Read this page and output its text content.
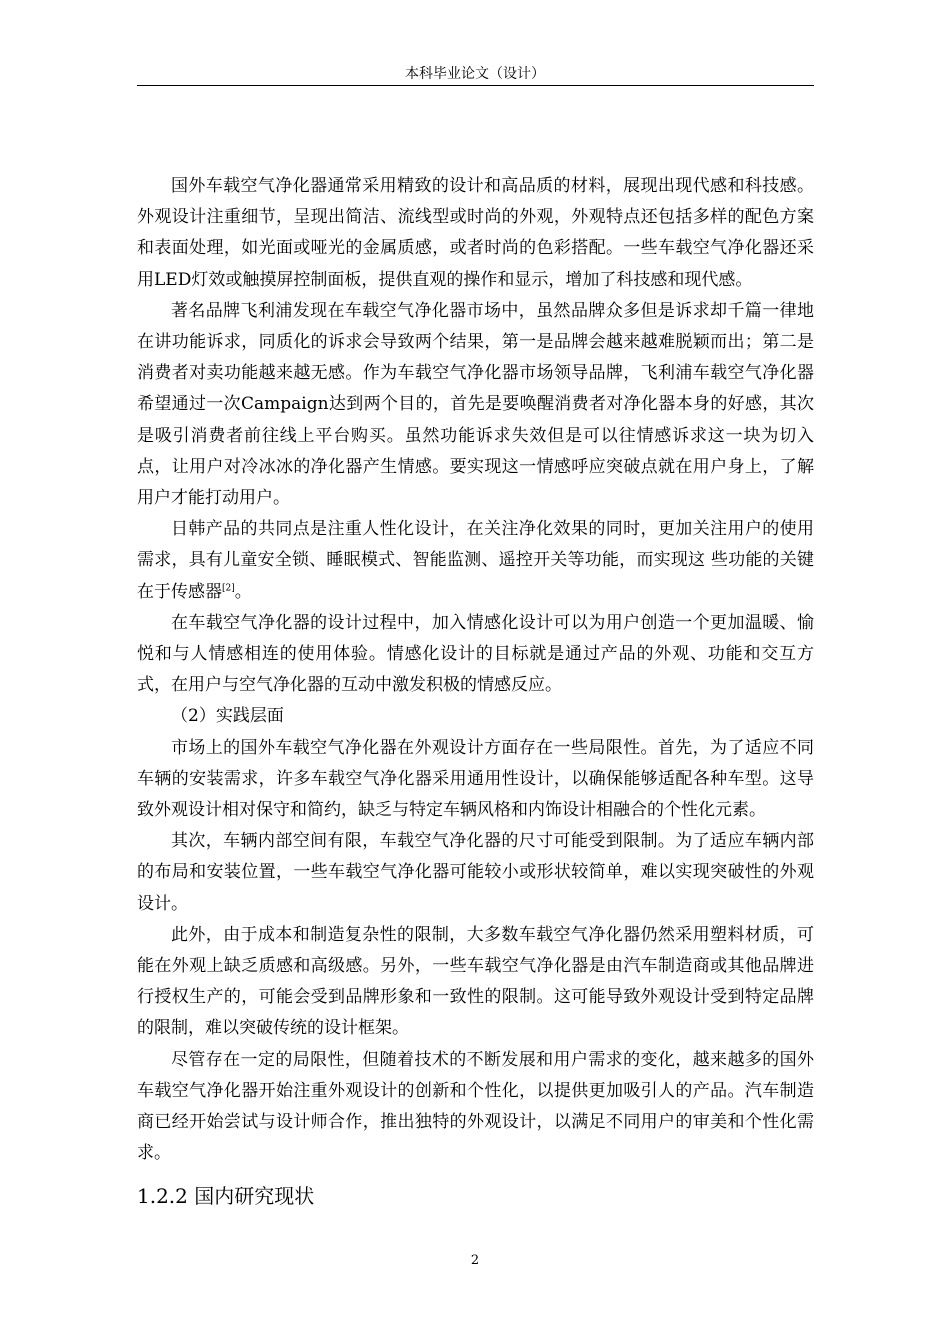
本科毕业论文（设计）

国外车载空气净化器通常采用精致的设计和高品质的材料，展现出现代感和科技感。外观设计注重细节，呈现出简洁、流线型或时尚的外观，外观特点还包括多样的配色方案和表面处理，如光面或哑光的金属质感，或者时尚的色彩搭配。一些车载空气净化器还采用LED灯效或触摸屏控制面板，提供直观的操作和显示，增加了科技感和现代感。

著名品牌飞利浦发现在车载空气净化器市场中，虽然品牌众多但是诉求却千篇一律地在讲功能诉求，同质化的诉求会导致两个结果，第一是品牌会越来越难脱颖而出；第二是消费者对卖功能越来越无感。作为车载空气净化器市场领导品牌，飞利浦车载空气净化器希望通过一次Campaign达到两个目的，首先是要唤醒消费者对净化器本身的好感，其次是吸引消费者前往线上平台购买。虽然功能诉求失效但是可以往情感诉求这一块为切入点，让用户对冷冰冰的净化器产生情感。要实现这一情感呼应突破点就在用户身上，了解用户才能打动用户。

日韩产品的共同点是注重人性化设计，在关注净化效果的同时，更加关注用户的使用需求，具有儿童安全锁、睡眠模式、智能监测、遥控开关等功能，而实现这 些功能的关键在于传感器[2]。

在车载空气净化器的设计过程中，加入情感化设计可以为用户创造一个更加温暖、愉悦和与人情感相连的使用体验。情感化设计的目标就是通过产品的外观、功能和交互方式，在用户与空气净化器的互动中激发积极的情感反应。

（2）实践层面

市场上的国外车载空气净化器在外观设计方面存在一些局限性。首先，为了适应不同车辆的安装需求，许多车载空气净化器采用通用性设计，以确保能够适配各种车型。这导致外观设计相对保守和简约，缺乏与特定车辆风格和内饰设计相融合的个性化元素。

其次，车辆内部空间有限，车载空气净化器的尺寸可能受到限制。为了适应车辆内部的布局和安装位置，一些车载空气净化器可能较小或形状较简单，难以实现突破性的外观设计。

此外，由于成本和制造复杂性的限制，大多数车载空气净化器仍然采用塑料材质，可能在外观上缺乏质感和高级感。另外，一些车载空气净化器是由汽车制造商或其他品牌进行授权生产的，可能会受到品牌形象和一致性的限制。这可能导致外观设计受到特定品牌的限制，难以突破传统的设计框架。

尽管存在一定的局限性，但随着技术的不断发展和用户需求的变化，越来越多的国外车载空气净化器开始注重外观设计的创新和个性化，以提供更加吸引人的产品。汽车制造商已经开始尝试与设计师合作，推出独特的外观设计，以满足不同用户的审美和个性化需求。

1.2.2 国内研究现状
2
